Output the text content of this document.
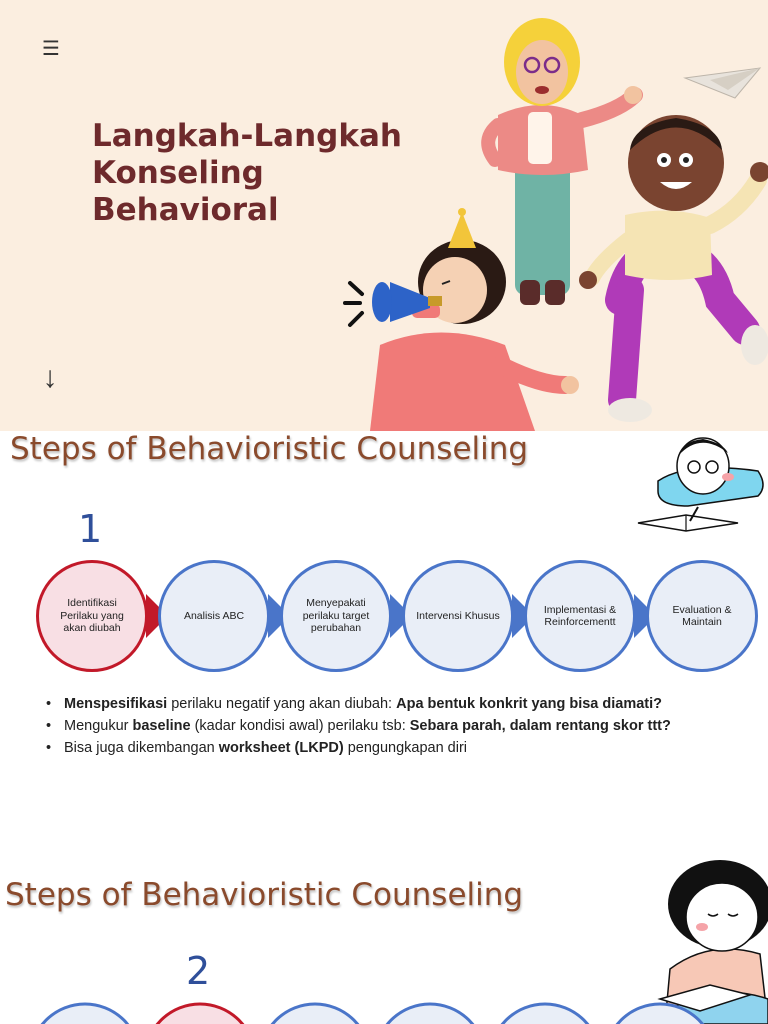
☰
Langkah-Langkah
Konseling
Behavioral
↓
Steps of Behavioristic Counseling
1
Identifikasi Perilaku yang akan diubah
Analisis ABC
Menyepakati perilaku target perubahan
Intervensi Khusus
Implementasi & Reinforcementt
Evaluation & Maintain
• Menspesifikasi perilaku negatif yang akan diubah: Apa bentuk konkrit yang bisa diamati?
• Mengukur baseline (kadar kondisi awal) perilaku tsb: Sebara parah, dalam rentang skor ttt?
• Bisa juga dikembangan worksheet (LKPD) pengungkapan diri
Steps of Behavioristic Counseling
2
